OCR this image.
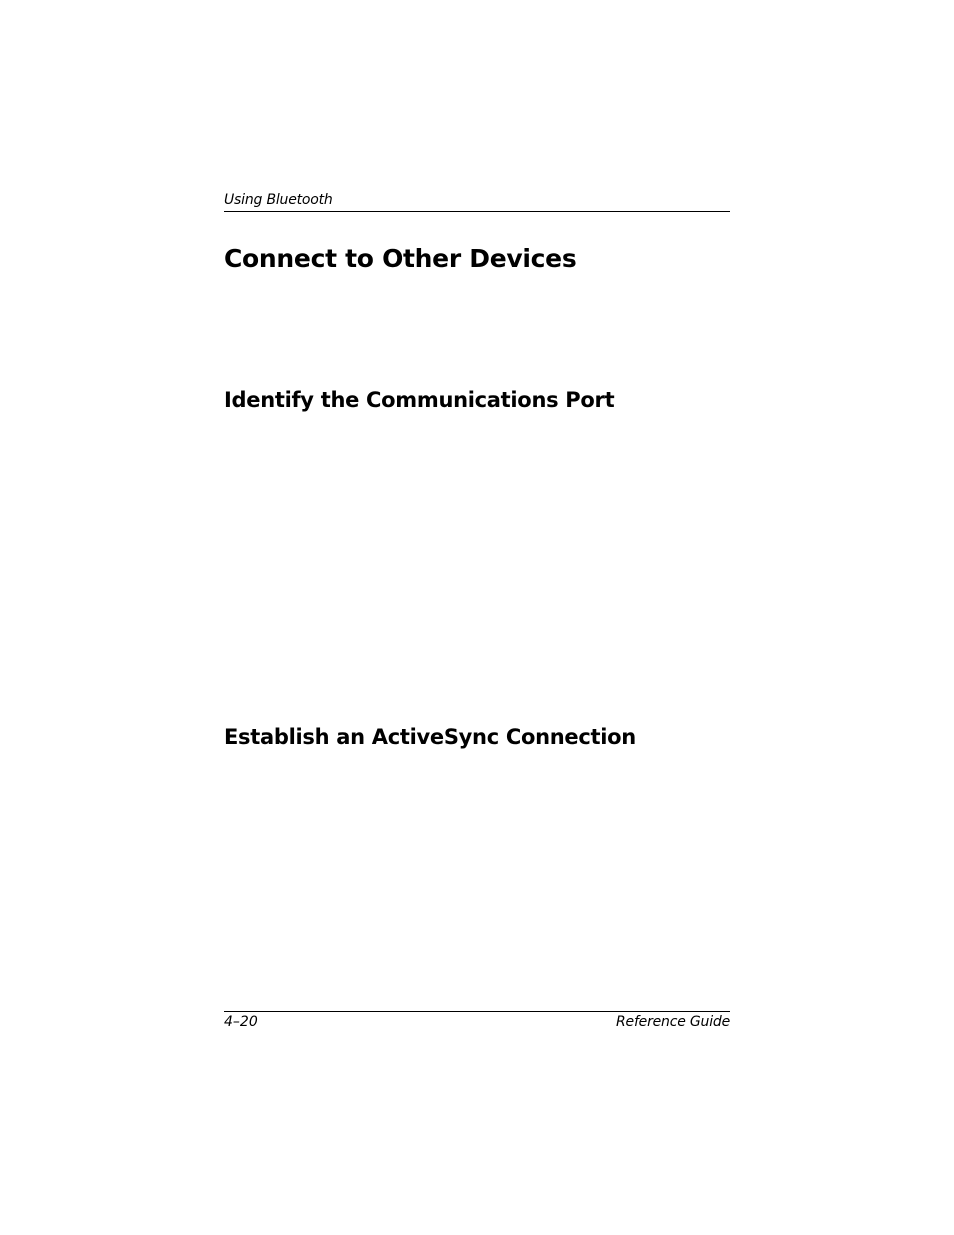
Using Bluetooth
Connect to Other Devices
Identify the Communications Port
Establish an ActiveSync Connection
4–20	Reference Guide
